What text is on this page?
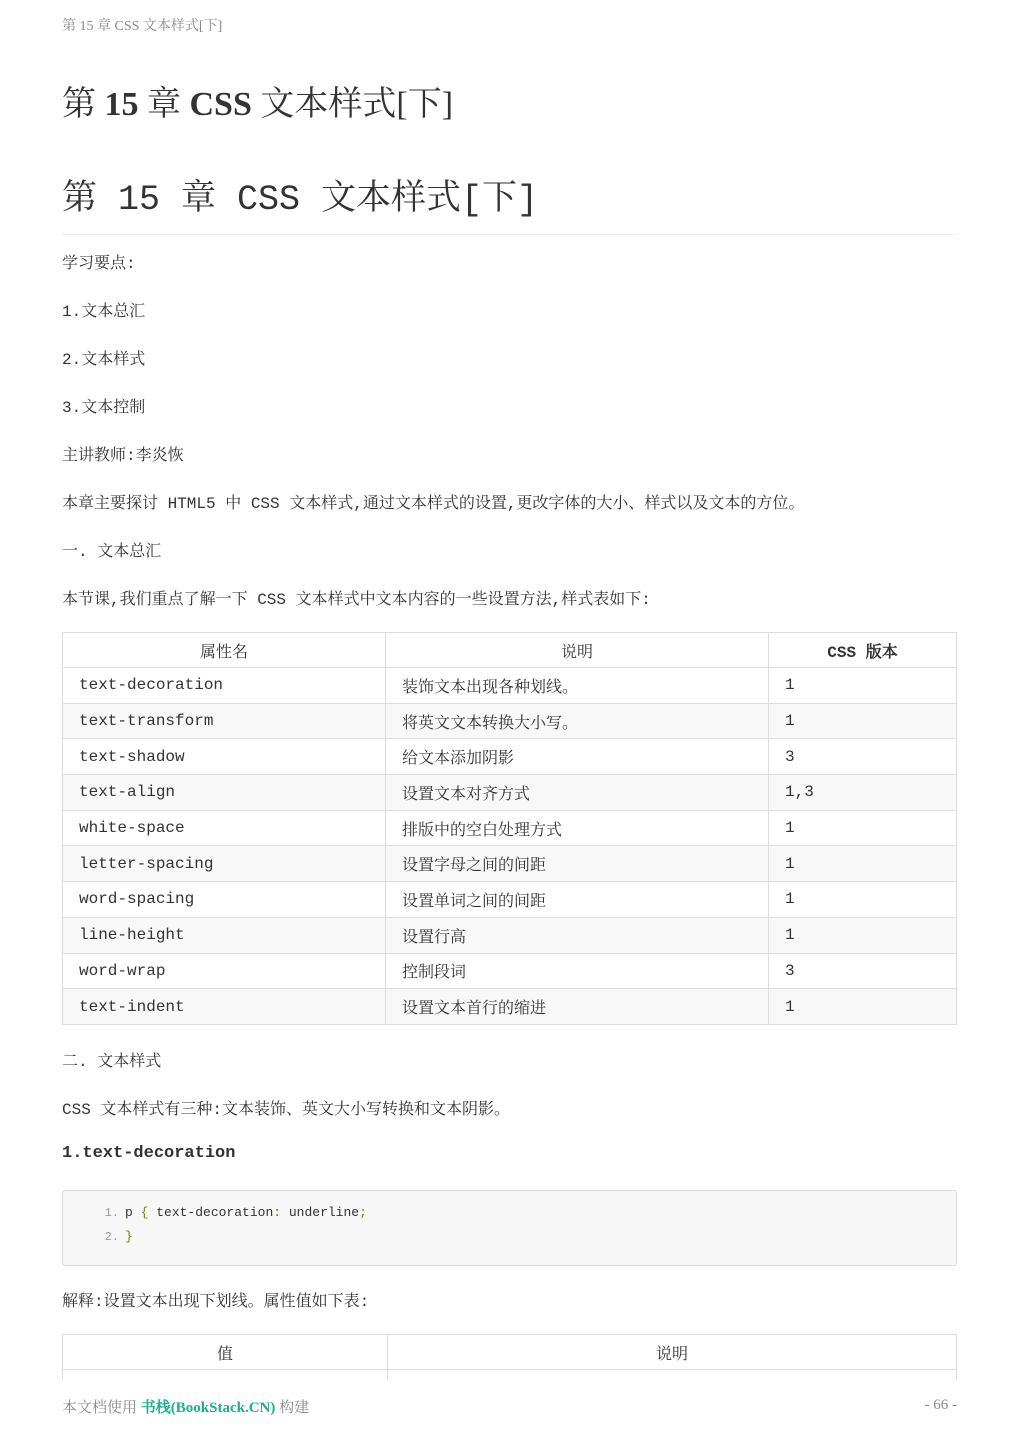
第 15 章 CSS 文本样式[下]
第 15 章 CSS 文本样式[下]
第 15 章 CSS 文本样式[下]

学习要点:

1.文本总汇

2.文本样式

3.文本控制

主讲教师:李炎恢

本章主要探讨 HTML5 中 CSS 文本样式,通过文本样式的设置,更改字体的大小、样式以及文本的方位。

一. 文本总汇

本节课,我们重点了解一下 CSS 文本样式中文本内容的一些设置方法,样式表如下:

属性名	说明	CSS 版本
text-decoration	装饰文本出现各种划线。	1
text-transform	将英文文本转换大小写。	1
text-shadow	给文本添加阴影	3
text-align	设置文本对齐方式	1,3
white-space	排版中的空白处理方式	1
letter-spacing	设置字母之间的间距	1
word-spacing	设置单词之间的间距	1
line-height	设置行高	1
word-wrap	控制段词	3
text-indent	设置文本首行的缩进	1

二. 文本样式

CSS 文本样式有三种:文本装饰、英文大小写转换和文本阴影。

1.text-decoration

1. p { text-decoration: underline;
2. }

解释:设置文本出现下划线。属性值如下表:

值	说明

本文档使用 书栈(BookStack.CN) 构建	- 66 -
